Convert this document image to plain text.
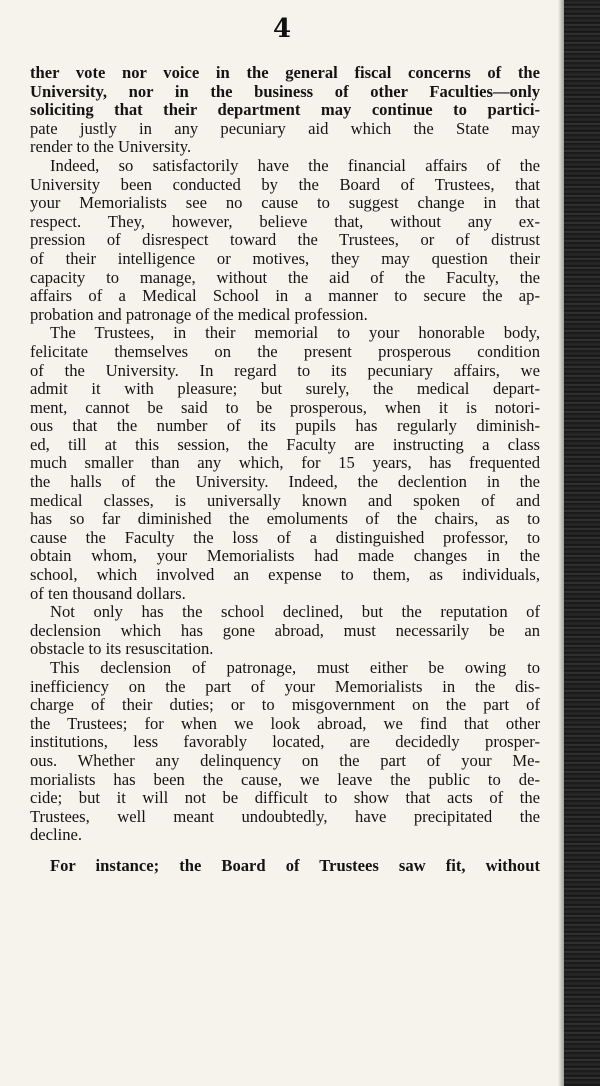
4
ther vote nor voice in the general fiscal concerns of the
University, nor in the business of other Faculties—only
soliciting that their department may continue to partici-
pate justly in any pecuniary aid which the State may
render to the University.
Indeed, so satisfactorily have the financial affairs of the
University been conducted by the Board of Trustees, that
your Memorialists see no cause to suggest change in that
respect. They, however, believe that, without any ex-
pression of disrespect toward the Trustees, or of distrust
of their intelligence or motives, they may question their
capacity to manage, without the aid of the Faculty, the
affairs of a Medical School in a manner to secure the ap-
probation and patronage of the medical profession.
The Trustees, in their memorial to your honorable body,
felicitate themselves on the present prosperous condition
of the University. In regard to its pecuniary affairs, we
admit it with pleasure; but surely, the medical depart-
ment, cannot be said to be prosperous, when it is notori-
ous that the number of its pupils has regularly diminish-
ed, till at this session, the Faculty are instructing a class
much smaller than any which, for 15 years, has frequented
the halls of the University. Indeed, the declention in the
medical classes, is universally known and spoken of and
has so far diminished the emoluments of the chairs, as to
cause the Faculty the loss of a distinguished professor, to
obtain whom, your Memorialists had made changes in the
school, which involved an expense to them, as individuals,
of ten thousand dollars.
Not only has the school declined, but the reputation of
declension which has gone abroad, must necessarily be an
obstacle to its resuscitation.
This declension of patronage, must either be owing to
inefficiency on the part of your Memorialists in the dis-
charge of their duties; or to misgovernment on the part of
the Trustees; for when we look abroad, we find that other
institutions, less favorably located, are decidedly prosper-
ous. Whether any delinquency on the part of your Me-
morialists has been the cause, we leave the public to de-
cide; but it will not be difficult to show that acts of the
Trustees, well meant undoubtedly, have precipitated the
decline.
For instance; the Board of Trustees saw fit, without
